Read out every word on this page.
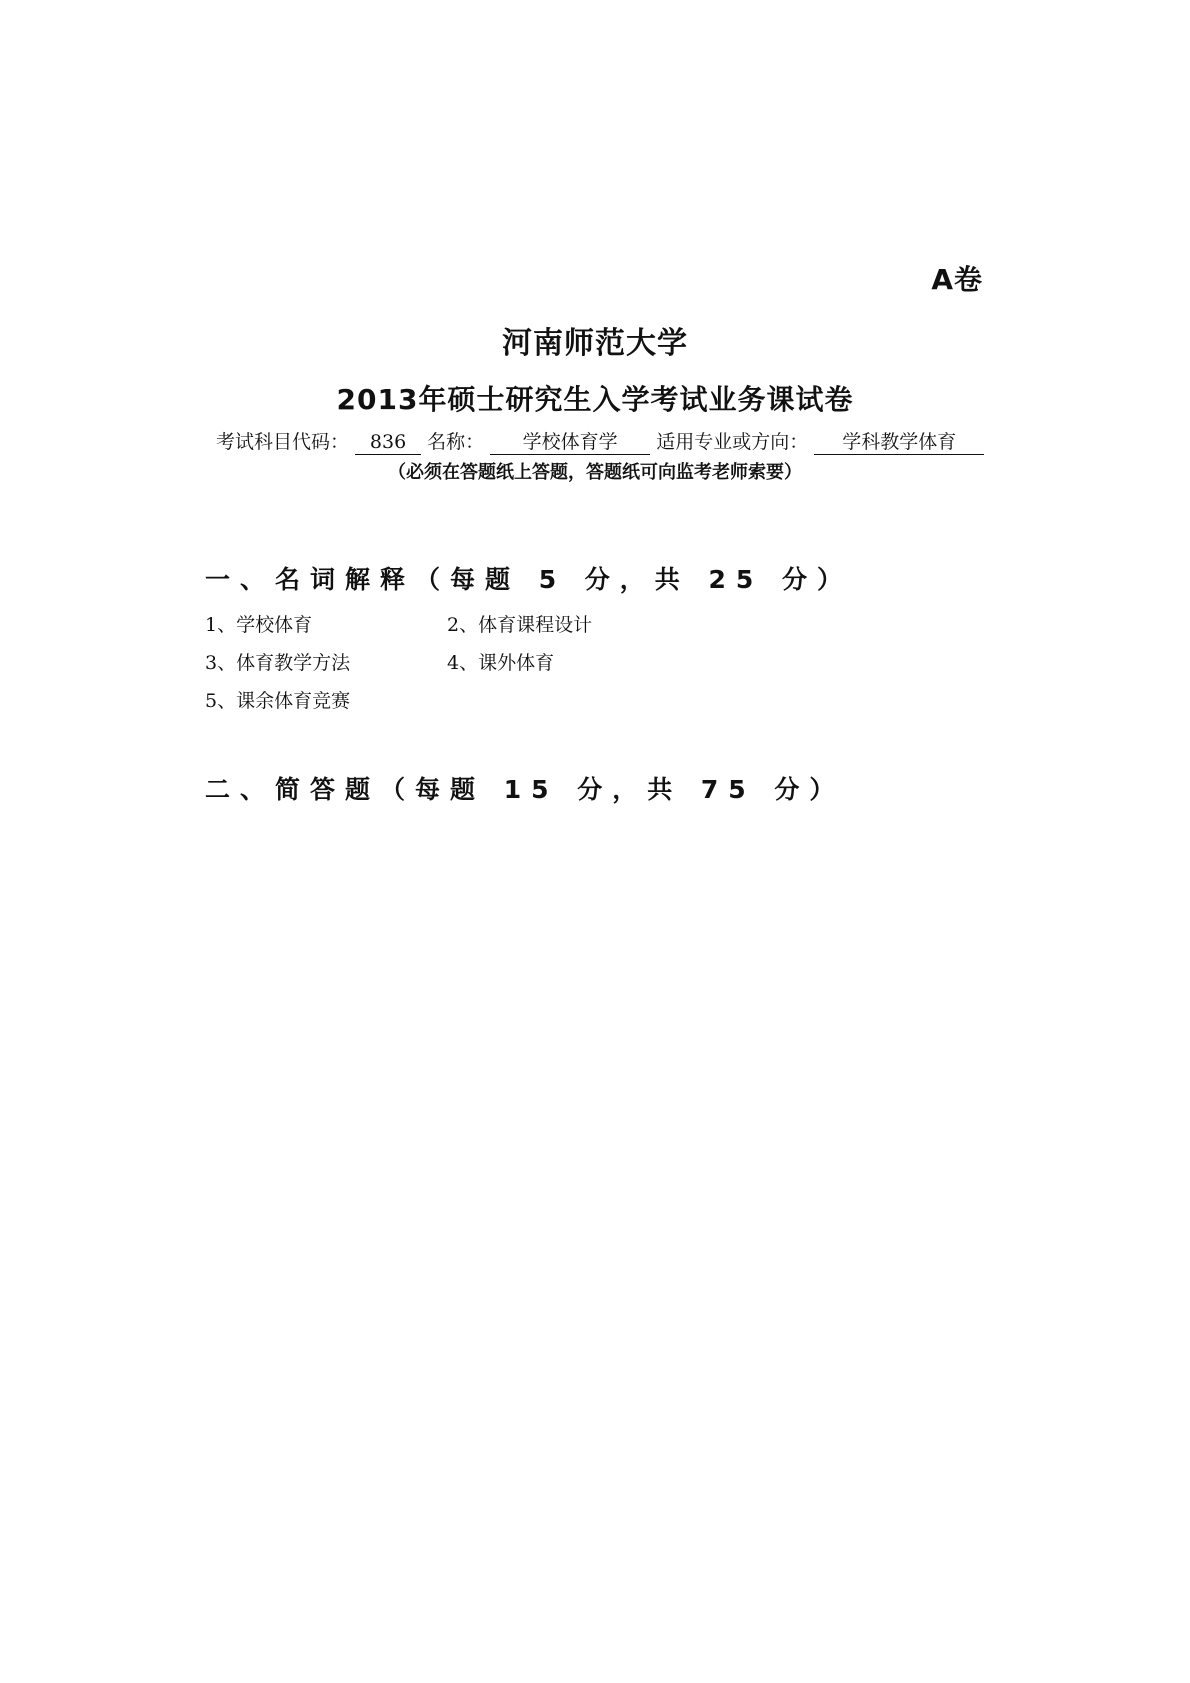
A卷
河南师范大学
2013年硕士研究生入学考试业务课试卷
考试科目代码： 836 名称： 学校体育学 适用专业或方向： 学科教学体育
（必须在答题纸上答题，答题纸可向监考老师索要）
一、名词解释（每题 5 分，共 25 分）
1、学校体育	2、体育课程设计
3、体育教学方法	4、课外体育
5、课余体育竞赛
二、简答题（每题 15 分，共 75 分）
